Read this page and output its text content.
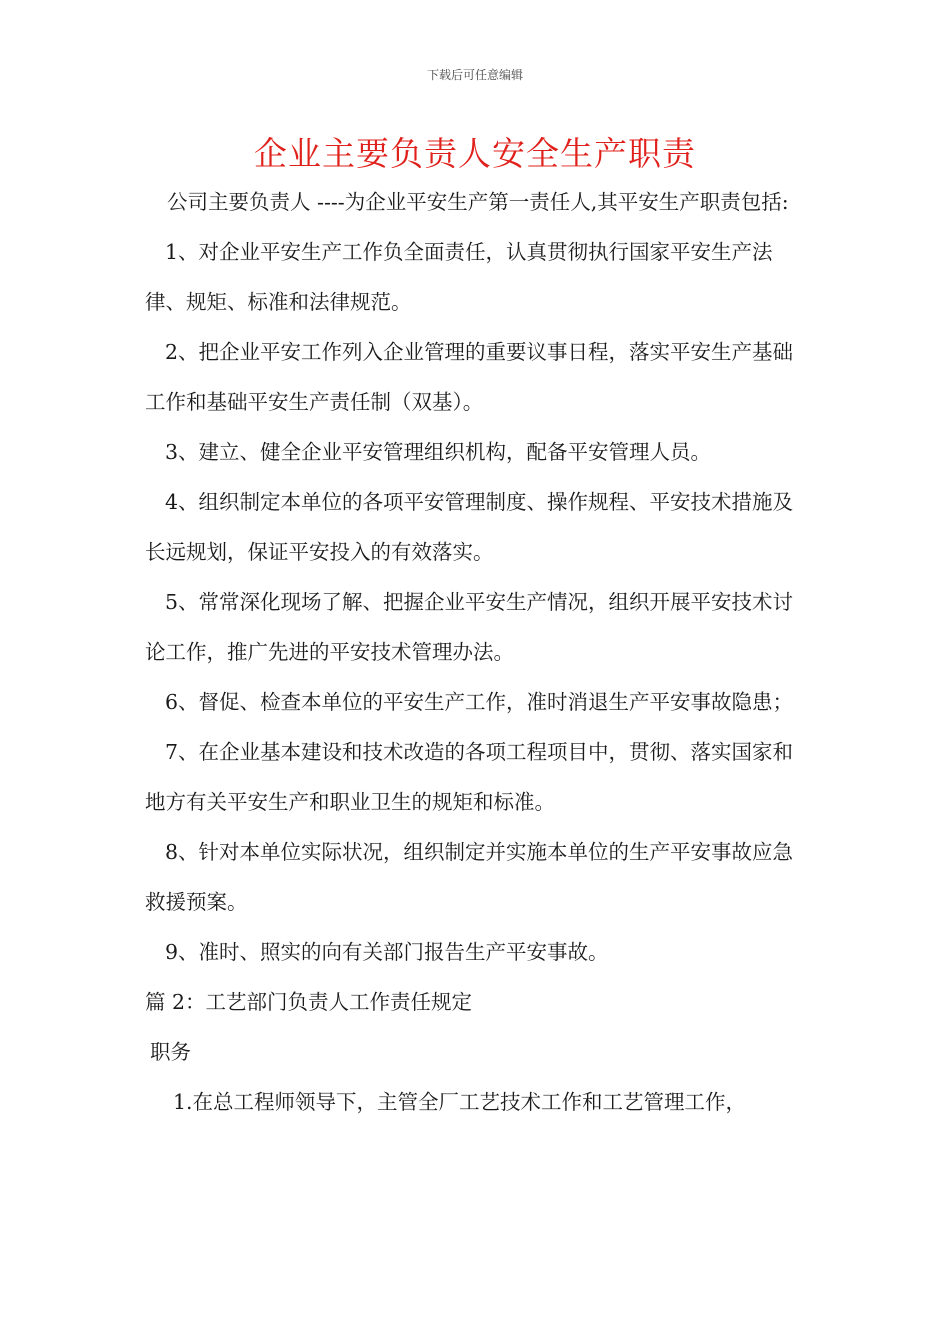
下载后可任意编辑
企业主要负责人安全生产职责

公司主要负责人 ----为企业平安生产第一责任人,其平安生产职责包括:

1、对企业平安生产工作负全面责任，认真贯彻执行国家平安生产法律、规矩、标准和法律规范。

2、把企业平安工作列入企业管理的重要议事日程，落实平安生产基础工作和基础平安生产责任制（双基）。

3、建立、健全企业平安管理组织机构，配备平安管理人员。

4、组织制定本单位的各项平安管理制度、操作规程、平安技术措施及长远规划，保证平安投入的有效落实。

5、常常深化现场了解、把握企业平安生产情况，组织开展平安技术讨论工作，推广先进的平安技术管理办法。

6、督促、检查本单位的平安生产工作，准时消退生产平安事故隐患；

7、在企业基本建设和技术改造的各项工程项目中，贯彻、落实国家和地方有关平安生产和职业卫生的规矩和标准。

8、针对本单位实际状况，组织制定并实施本单位的生产平安事故应急救援预案。

9、准时、照实的向有关部门报告生产平安事故。

篇 2：工艺部门负责人工作责任规定

职务

1.在总工程师领导下，主管全厂工艺技术工作和工艺管理工作，
